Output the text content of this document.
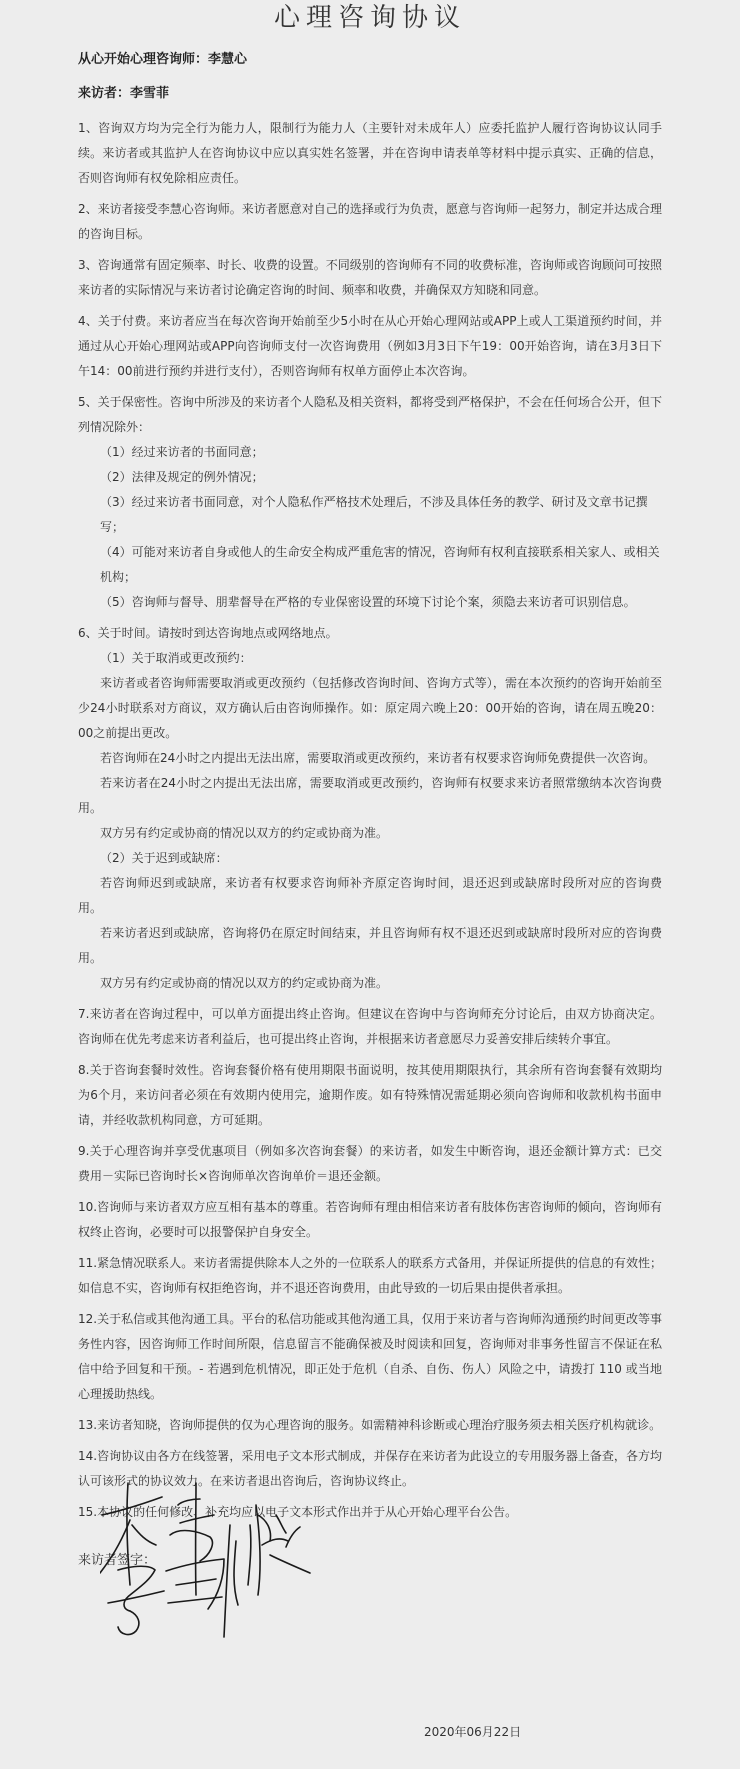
心理咨询协议
从心开始心理咨询师：李慧心
来访者：李雪菲
1、咨询双方均为完全行为能力人，限制行为能力人（主要针对未成年人）应委托监护人履行咨询协议认同手续。来访者或其监护人在咨询协议中应以真实姓名签署，并在咨询申请表单等材料中提示真实、正确的信息，否则咨询师有权免除相应责任。
2、来访者接受李慧心咨询师。来访者愿意对自己的选择或行为负责，愿意与咨询师一起努力，制定并达成合理的咨询目标。
3、咨询通常有固定频率、时长、收费的设置。不同级别的咨询师有不同的收费标准，咨询师或咨询顾问可按照来访者的实际情况与来访者讨论确定咨询的时间、频率和收费，并确保双方知晓和同意。
4、关于付费。来访者应当在每次咨询开始前至少5小时在从心开始心理网站或APP上或人工渠道预约时间，并通过从心开始心理网站或APP向咨询师支付一次咨询费用（例如3月3日下午19：00开始咨询，请在3月3日下午14：00前进行预约并进行支付），否则咨询师有权单方面停止本次咨询。
5、关于保密性。咨询中所涉及的来访者个人隐私及相关资料，都将受到严格保护，不会在任何场合公开，但下列情况除外：
（1）经过来访者的书面同意；
（2）法律及规定的例外情况；
（3）经过来访者书面同意，对个人隐私作严格技术处理后，不涉及具体任务的教学、研讨及文章书记撰写；
（4）可能对来访者自身或他人的生命安全构成严重危害的情况，咨询师有权利直接联系相关家人、或相关机构；
（5）咨询师与督导、朋辈督导在严格的专业保密设置的环境下讨论个案，须隐去来访者可识别信息。
6、关于时间。请按时到达咨询地点或网络地点。
（1）关于取消或更改预约：
来访者或者咨询师需要取消或更改预约（包括修改咨询时间、咨询方式等），需在本次预约的咨询开始前至少24小时联系对方商议，双方确认后由咨询师操作。如：原定周六晚上20：00开始的咨询，请在周五晚20：00之前提出更改。
若咨询师在24小时之内提出无法出席，需要取消或更改预约，来访者有权要求咨询师免费提供一次咨询。
若来访者在24小时之内提出无法出席，需要取消或更改预约，咨询师有权要求来访者照常缴纳本次咨询费用。
双方另有约定或协商的情况以双方的约定或协商为准。
（2）关于迟到或缺席：
若咨询师迟到或缺席，来访者有权要求咨询师补齐原定咨询时间，退还迟到或缺席时段所对应的咨询费用。
若来访者迟到或缺席，咨询将仍在原定时间结束，并且咨询师有权不退还迟到或缺席时段所对应的咨询费用。
双方另有约定或协商的情况以双方的约定或协商为准。
7.来访者在咨询过程中，可以单方面提出终止咨询。但建议在咨询中与咨询师充分讨论后，由双方协商决定。咨询师在优先考虑来访者利益后，也可提出终止咨询，并根据来访者意愿尽力妥善安排后续转介事宜。
8.关于咨询套餐时效性。咨询套餐价格有使用期限书面说明，按其使用期限执行，其余所有咨询套餐有效期均为6个月，来访问者必须在有效期内使用完，逾期作废。如有特殊情况需延期必须向咨询师和收款机构书面申请，并经收款机构同意，方可延期。
9.关于心理咨询并享受优惠项目（例如多次咨询套餐）的来访者，如发生中断咨询，退还金额计算方式：已交费用－实际已咨询时长×咨询师单次咨询单价＝退还金额。
10.咨询师与来访者双方应互相有基本的尊重。若咨询师有理由相信来访者有肢体伤害咨询师的倾向，咨询师有权终止咨询，必要时可以报警保护自身安全。
11.紧急情况联系人。来访者需提供除本人之外的一位联系人的联系方式备用，并保证所提供的信息的有效性；如信息不实，咨询师有权拒绝咨询，并不退还咨询费用，由此导致的一切后果由提供者承担。
12.关于私信或其他沟通工具。平台的私信功能或其他沟通工具，仅用于来访者与咨询师沟通预约时间更改等事务性内容，因咨询师工作时间所限，信息留言不能确保被及时阅读和回复，咨询师对非事务性留言不保证在私信中给予回复和干预。- 若遇到危机情况，即正处于危机（自杀、自伤、伤人）风险之中，请拨打 110 或当地心理援助热线。
13.来访者知晓，咨询师提供的仅为心理咨询的服务。如需精神科诊断或心理治疗服务须去相关医疗机构就诊。
14.咨询协议由各方在线签署，采用电子文本形式制成，并保存在来访者为此设立的专用服务器上备查，各方均认可该形式的协议效力。在来访者退出咨询后，咨询协议终止。
15.本协议的任何修改、补充均应以电子文本形式作出并于从心开始心理平台公告。
来访者签字：
2020年06月22日
